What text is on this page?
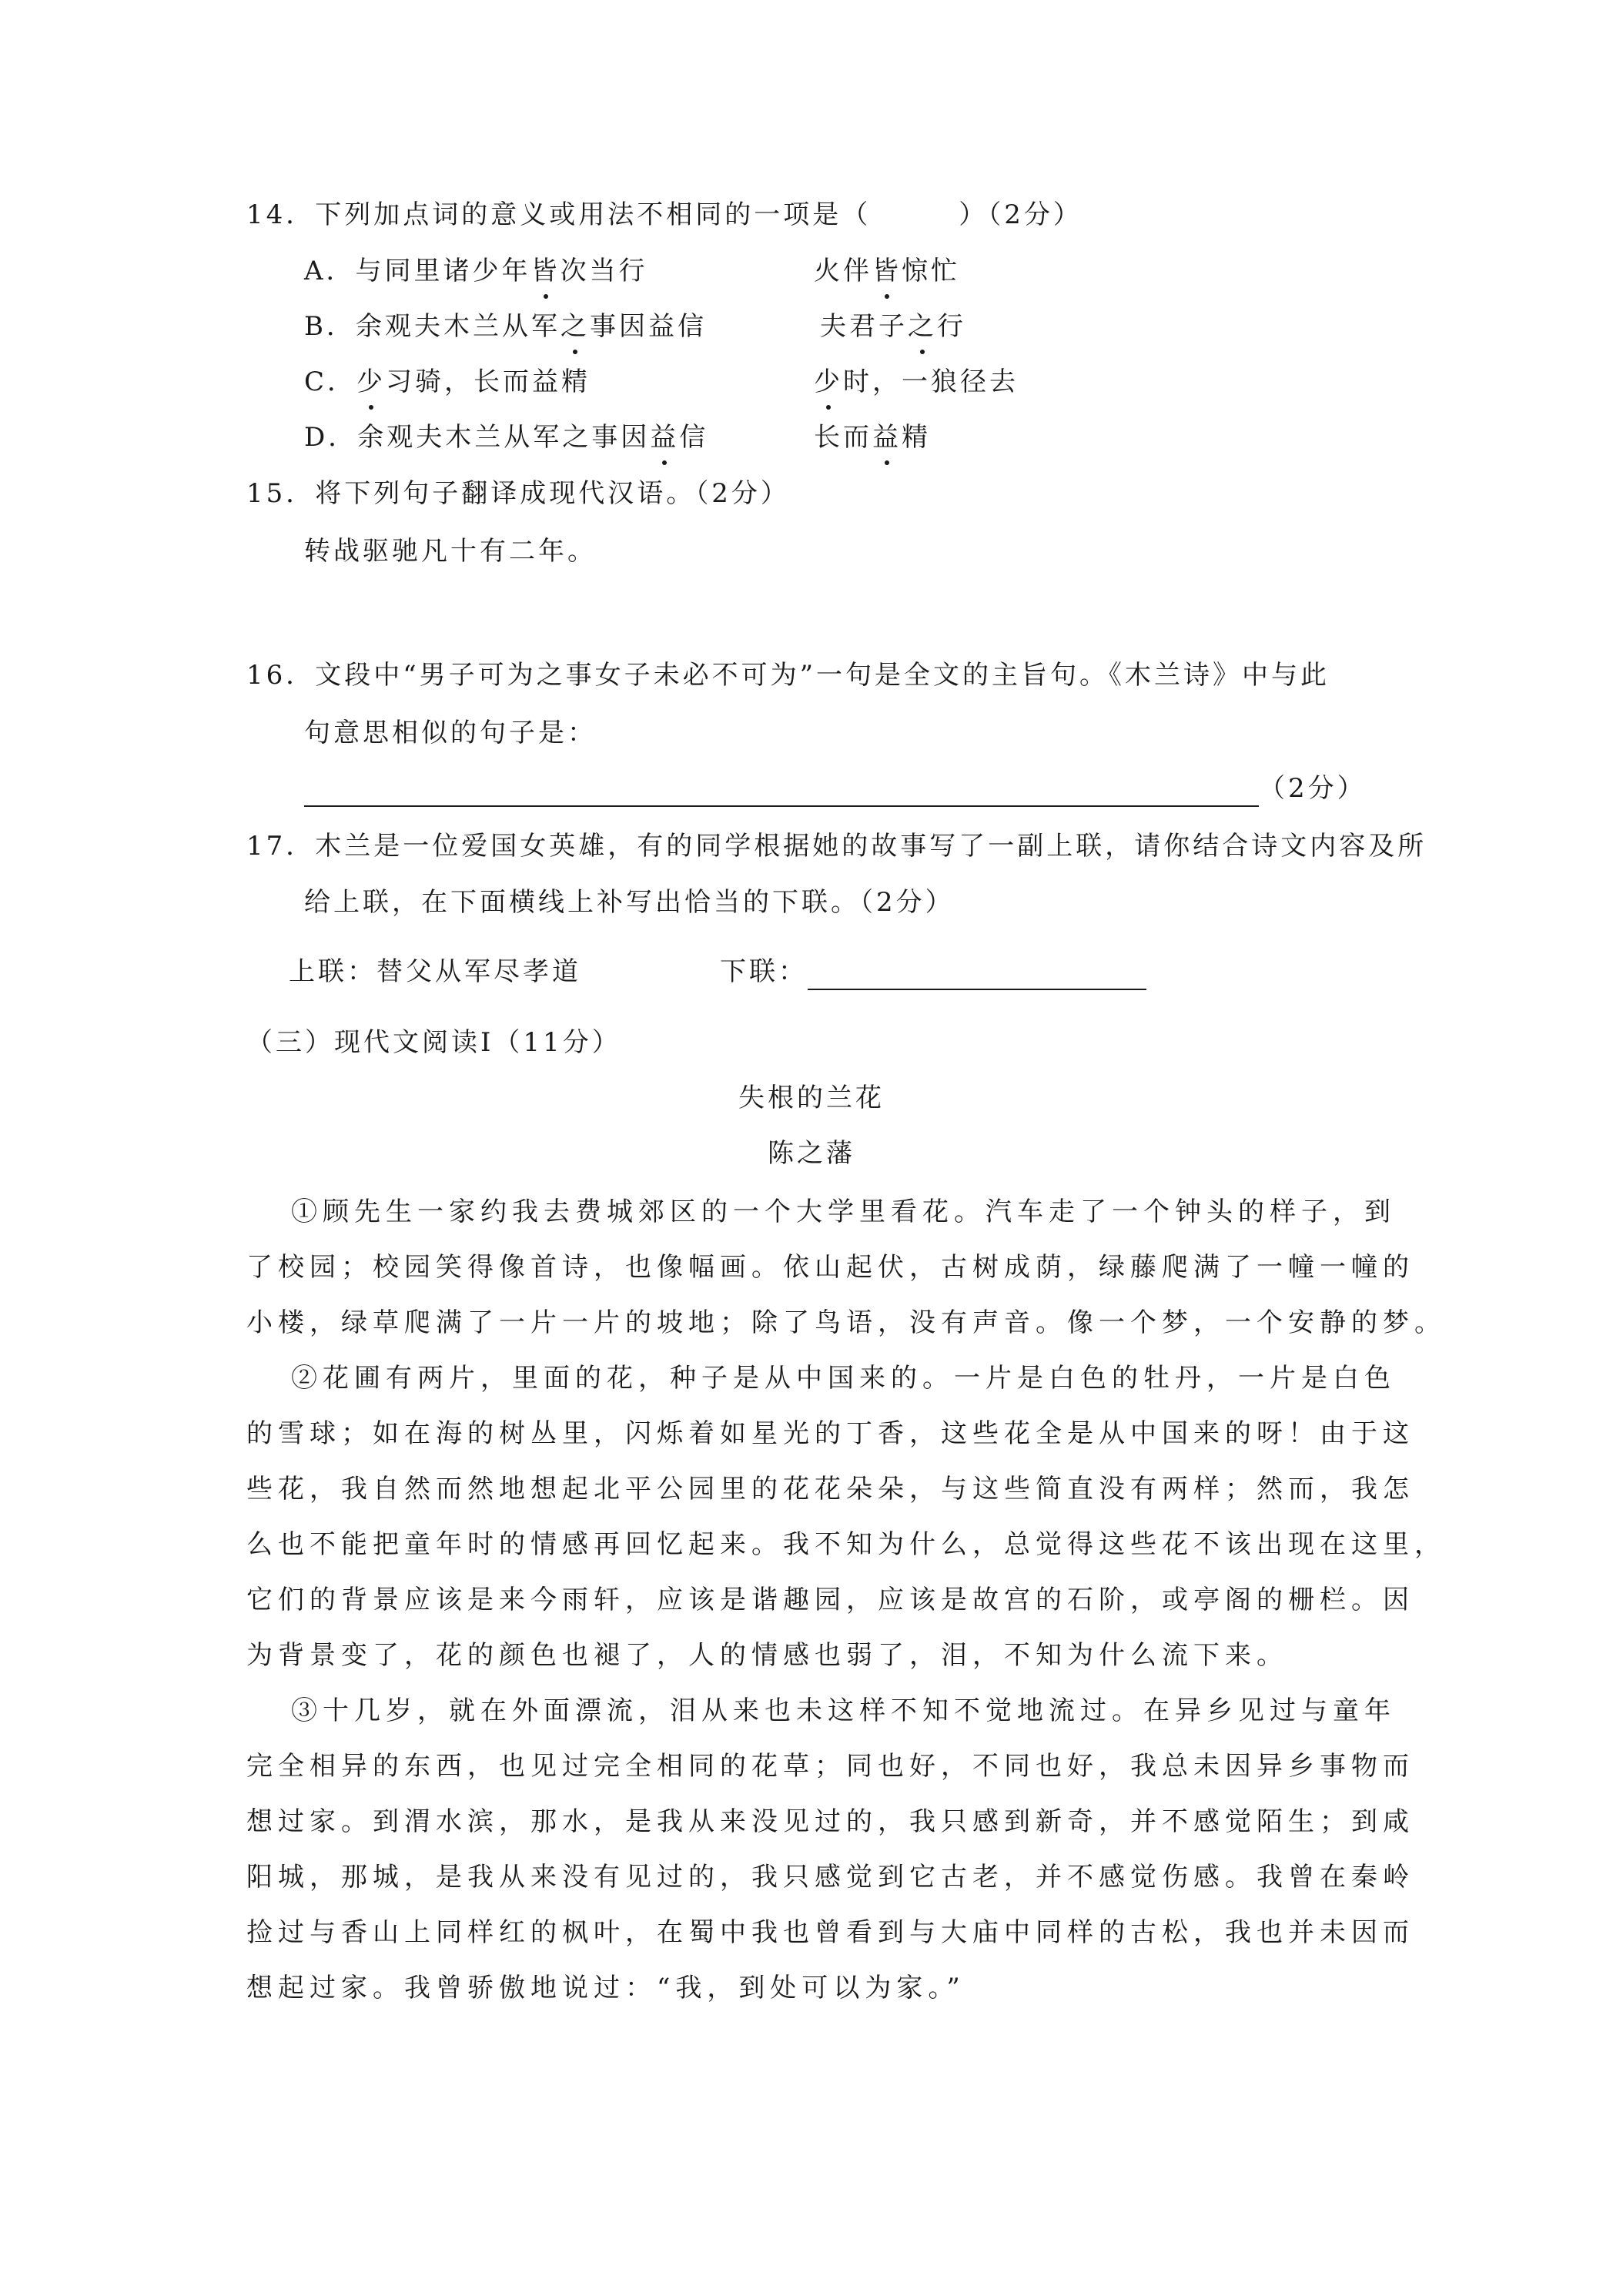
14．下列加点词的意义或用法不相同的一项是（　　　）（2分）
A．与同里诸少年皆次当行	火伴皆惊忙
B．余观夫木兰从军之事因益信	夫君子之行
C．少习骑，长而益精	少时，一狼径去
D．余观夫木兰从军之事因益信	长而益精
15．将下列句子翻译成现代汉语。（2分）
转战驱驰凡十有二年。
16．文段中“男子可为之事女子未必不可为”一句是全文的主旨句。《木兰诗》中与此
句意思相似的句子是：
（2分）
17．木兰是一位爱国女英雄，有的同学根据她的故事写了一副上联，请你结合诗文内容及所
给上联，在下面横线上补写出恰当的下联。（2分）
上联：替父从军尽孝道	下联：
（三）现代文阅读Ⅰ（11分）
失根的兰花
陈之藩
①顾先生一家约我去费城郊区的一个大学里看花。汽车走了一个钟头的样子，到
了校园；校园笑得像首诗，也像幅画。依山起伏，古树成荫，绿藤爬满了一幢一幢的
小楼，绿草爬满了一片一片的坡地；除了鸟语，没有声音。像一个梦，一个安静的梦。
②花圃有两片，里面的花，种子是从中国来的。一片是白色的牡丹，一片是白色
的雪球；如在海的树丛里，闪烁着如星光的丁香，这些花全是从中国来的呀！由于这
些花，我自然而然地想起北平公园里的花花朵朵，与这些简直没有两样；然而，我怎
么也不能把童年时的情感再回忆起来。我不知为什么，总觉得这些花不该出现在这里，
它们的背景应该是来今雨轩，应该是谐趣园，应该是故宫的石阶，或亭阁的栅栏。因
为背景变了，花的颜色也褪了，人的情感也弱了，泪，不知为什么流下来。
③十几岁，就在外面漂流，泪从来也未这样不知不觉地流过。在异乡见过与童年
完全相异的东西，也见过完全相同的花草；同也好，不同也好，我总未因异乡事物而
想过家。到渭水滨，那水，是我从来没见过的，我只感到新奇，并不感觉陌生；到咸
阳城，那城，是我从来没有见过的，我只感觉到它古老，并不感觉伤感。我曾在秦岭
捡过与香山上同样红的枫叶，在蜀中我也曾看到与大庙中同样的古松，我也并未因而
想起过家。我曾骄傲地说过：“我，到处可以为家。”
